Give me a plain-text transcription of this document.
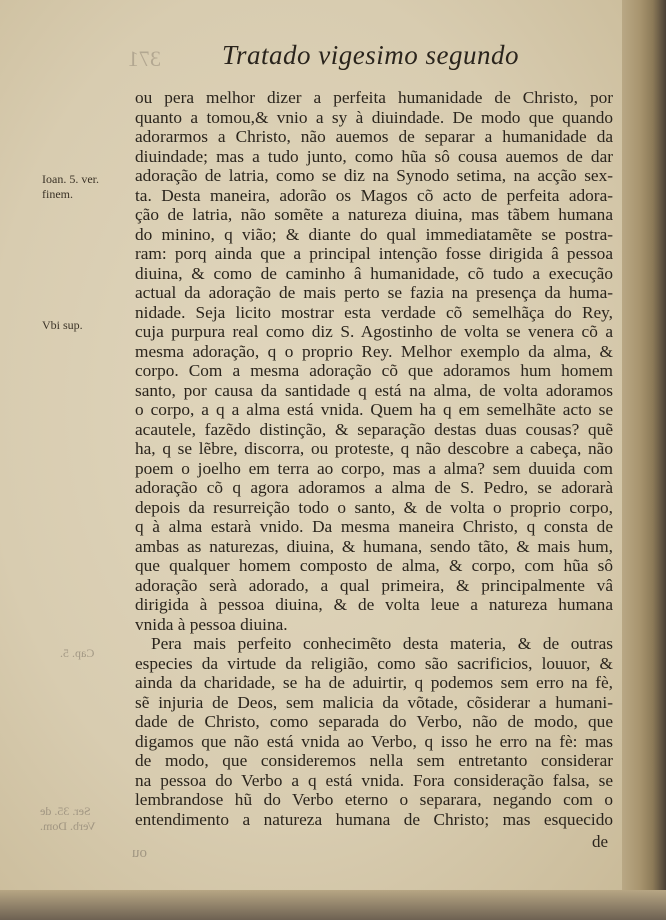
371 Tratado vigesimo segundo
Ioan. 5. ver.
finem.
Vbi sup.
Cap. 5.
Ser. 35. de
Verb. Dom.
ou
ou pera melhor dizer a perfeita humanidade de Christo, por
quanto a tomou,& vnio a sy à diuindade. De modo que quando
adorarmos a Christo, não auemos de separar a humanidade da
diuindade; mas a tudo junto, como hũa sô cousa auemos de dar
adoração de latria, como se diz na Synodo setima, na acção sex-
ta. Desta maneira, adorão os Magos cõ acto de perfeita adora-
ção de latria, não somẽte a natureza diuina, mas tãbem humana
do minino, q vião; & diante do qual immediatamẽte se postra-
ram: porq ainda que a principal intenção fosse dirigida â pessoa
diuina, & como de caminho â humanidade, cõ tudo a execução
actual da adoração de mais perto se fazia na presença da huma-
nidade. Seja licito mostrar esta verdade cõ semelhãça do Rey,
cuja purpura real como diz S. Agostinho de volta se venera cõ a
mesma adoração, q o proprio Rey. Melhor exemplo da alma, &
corpo. Com a mesma adoração cõ que adoramos hum homem
santo, por causa da santidade q está na alma, de volta adoramos
o corpo, a q a alma está vnida. Quem ha q em semelhãte acto se
acautele, fazẽdo distinção, & separação destas duas cousas? quẽ
ha, q se lẽbre, discorra, ou proteste, q não descobre a cabeça, não
poem o joelho em terra ao corpo, mas a alma? sem duuida com
adoração cõ q agora adoramos a alma de S. Pedro, se adorarà
depois da resurreição todo o santo, & de volta o proprio corpo,
q à alma estarà vnido. Da mesma maneira Christo, q consta de
ambas as naturezas, diuina, & humana, sendo tãto, & mais hum,
que qualquer homem composto de alma, & corpo, com hũa sô
adoração serà adorado, a qual primeira, & principalmente vâ
dirigida à pessoa diuina, & de volta leue a natureza humana
vnida à pessoa diuina.
Pera mais perfeito conhecimẽto desta materia, & de outras
especies da virtude da religião, como são sacrificios, louuor, &
ainda da charidade, se ha de aduirtir, q podemos sem erro na fè,
sẽ injuria de Deos, sem malicia da võtade, cõsiderar a humani-
dade de Christo, como separada do Verbo, não de modo, que
digamos que não está vnida ao Verbo, q isso he erro na fè: mas
de modo, que consideremos nella sem entretanto considerar
na pessoa do Verbo a q está vnida. Fora consideração falsa, se
lembrandose hũ do Verbo eterno o separara, negando com o
entendimento a natureza humana de Christo; mas esquecido
de
